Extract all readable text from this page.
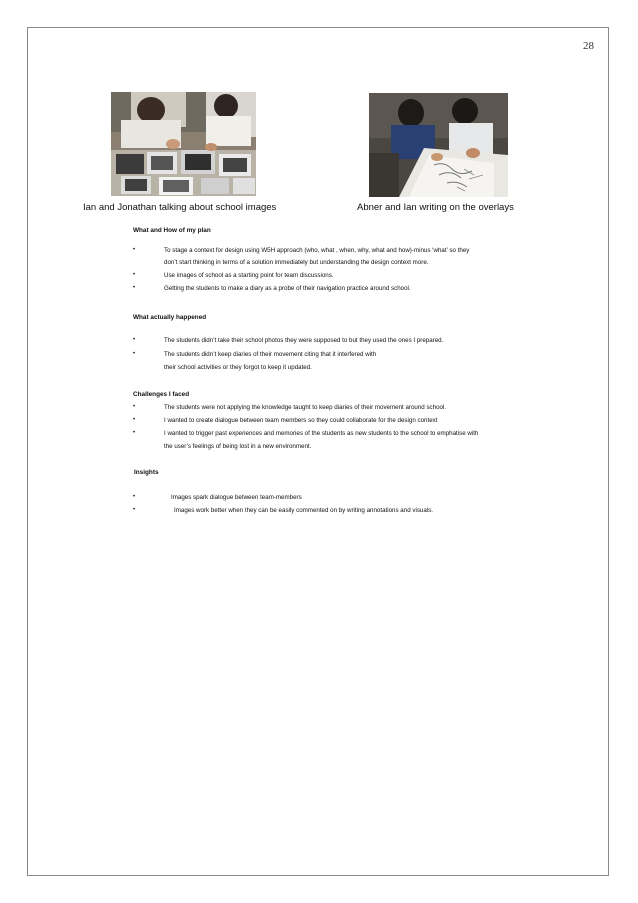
28
Ian and Jonathan talking about school images	Abner and Ian writing on the overlays
What and How of my plan
•	To stage a context for design using W5H approach (who, what , when, why, what and how)-minus ‘what’ so they
don’t start thinking in terms of a solution immediately but understanding the design context more.
•	Use images of school as a starting point for team discussions.
•	Getting the students to make a diary as a probe of their navigation practice around school.
What actually happened
•	The students didn’t take their school photos they were supposed to but they used the ones I prepared.
•	The students didn’t keep diaries of their movement citing that it interfered with
their school activities or they forgot to keep it updated.
Challenges I faced
•	The students were not applying the knowledge taught to keep diaries of their movement around school.
•	I wanted to create dialogue between team members so they could collaborate for the design context
•	I wanted to trigger past experiences and memories of the students as new students to the school to emphatise with
the user’s feelings of being lost in a new environment.
Insights
•	Images spark dialogue between team-members
•	Images work better when they can be easily commented on by writing annotations and visuals.
